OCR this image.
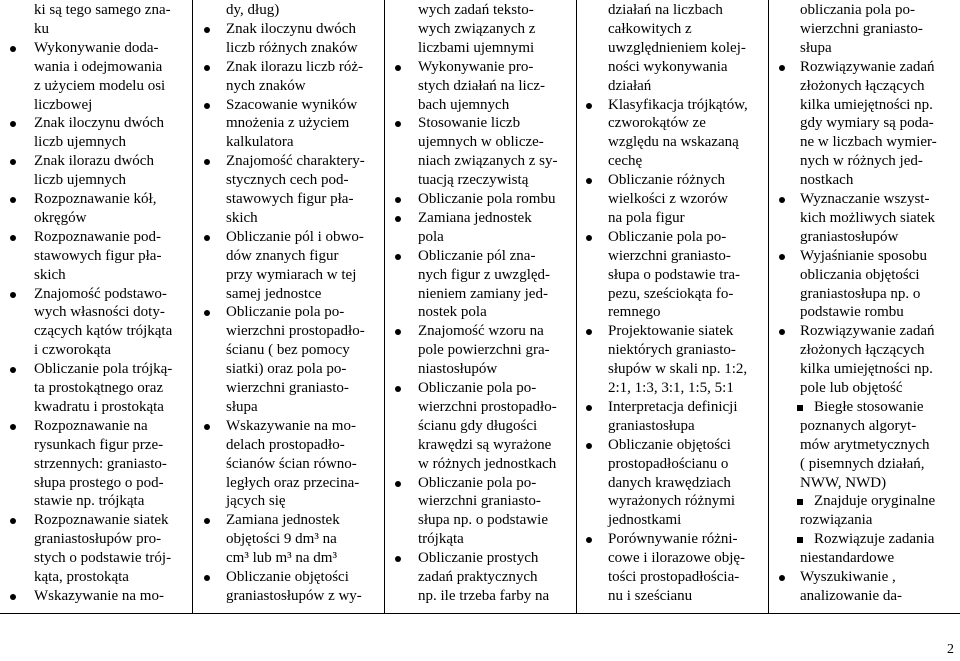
ki są tego samego zna-
ku
Wykonywanie doda-
wania i odejmowania
z użyciem modelu osi
liczbowej
Znak iloczynu dwóch
liczb ujemnych
Znak ilorazu dwóch
liczb ujemnych
Rozpoznawanie kół,
okręgów
Rozpoznawanie pod-
stawowych figur pła-
skich
Znajomość podstawo-
wych własności doty-
czących kątów trójkąta
i czworokąta
Obliczanie pola trójką-
ta prostokątnego oraz
kwadratu i prostokąta
Rozpoznawanie na
rysunkach figur prze-
strzennych: graniasto-
słupa prostego o pod-
stawie np. trójkąta
Rozpoznawanie siatek
graniastosłupów pro-
stych o podstawie trój-
kąta, prostokąta
Wskazywanie na mo-
dy, dług)
Znak iloczynu dwóch
liczb różnych znaków
Znak ilorazu liczb róż-
nych znaków
Szacowanie wyników
mnożenia z użyciem
kalkulatora
Znajomość charaktery-
stycznych cech pod-
stawowych figur pła-
skich
Obliczanie pól i obwo-
dów znanych figur
przy wymiarach w tej
samej jednostce
Obliczanie pola po-
wierzchni prostopadło-
ścianu ( bez pomocy
siatki) oraz pola po-
wierzchni graniasto-
słupa
Wskazywanie na mo-
delach prostopadło-
ścianów ścian równo-
ległych oraz przecina-
jących się
Zamiana jednostek
objętości 9 dm³ na
cm³ lub m³ na dm³
Obliczanie objętości
graniastosłupów z wy-
wych zadań teksto-
wych związanych z
liczbami ujemnymi
Wykonywanie pro-
stych działań na licz-
bach ujemnych
Stosowanie liczb
ujemnych w oblicze-
niach związanych z sy-
tuacją rzeczywistą
Obliczanie pola rombu
Zamiana jednostek
pola
Obliczanie pól zna-
nych figur z uwzględ-
nieniem zamiany jed-
nostek pola
Znajomość wzoru na
pole powierzchni gra-
niastosłupów
Obliczanie pola po-
wierzchni prostopadło-
ścianu gdy długości
krawędzi są wyrażone
w różnych jednostkach
Obliczanie pola po-
wierzchni graniasto-
słupa np. o podstawie
trójkąta
Obliczanie prostych
zadań praktycznych
np. ile trzeba farby na
działań na liczbach
całkowitych z
uwzględnieniem kolej-
ności wykonywania
działań
Klasyfikacja trójkątów,
czworokątów ze
względu na wskazaną
cechę
Obliczanie różnych
wielkości z wzorów
na pola figur
Obliczanie pola po-
wierzchni graniasto-
słupa o podstawie tra-
pezu, sześciokąta fo-
remnego
Projektowanie siatek
niektórych graniasto-
słupów w skali np. 1:2,
2:1, 1:3, 3:1, 1:5, 5:1
Interpretacja definicji
graniastosłupa
Obliczanie objętości
prostopadłościanu o
danych krawędziach
wyrażonych różnymi
jednostkami
Porównywanie różni-
cowe i ilorazowe obję-
tości prostopadłościa-
nu i sześcianu
obliczania pola po-
wierzchni graniasto-
słupa
Rozwiązywanie zadań
złożonych łączących
kilka umiejętności np.
gdy wymiary są poda-
ne w liczbach wymier-
nych w różnych jed-
nostkach
Wyznaczanie wszyst-
kich możliwych siatek
graniastosłupów
Wyjaśnianie sposobu
obliczania objętości
graniastosłupa np. o
podstawie rombu
Rozwiązywanie zadań
złożonych łączących
kilka umiejętności np.
pole lub objętość
Biegłe stosowanie
poznanych algoryt-
mów arytmetycznych
( pisemnych działań,
NWW, NWD)
Znajduje oryginalne
rozwiązania
Rozwiązuje zadania
niestandardowe
Wyszukiwanie ,
analizowanie da-
2
